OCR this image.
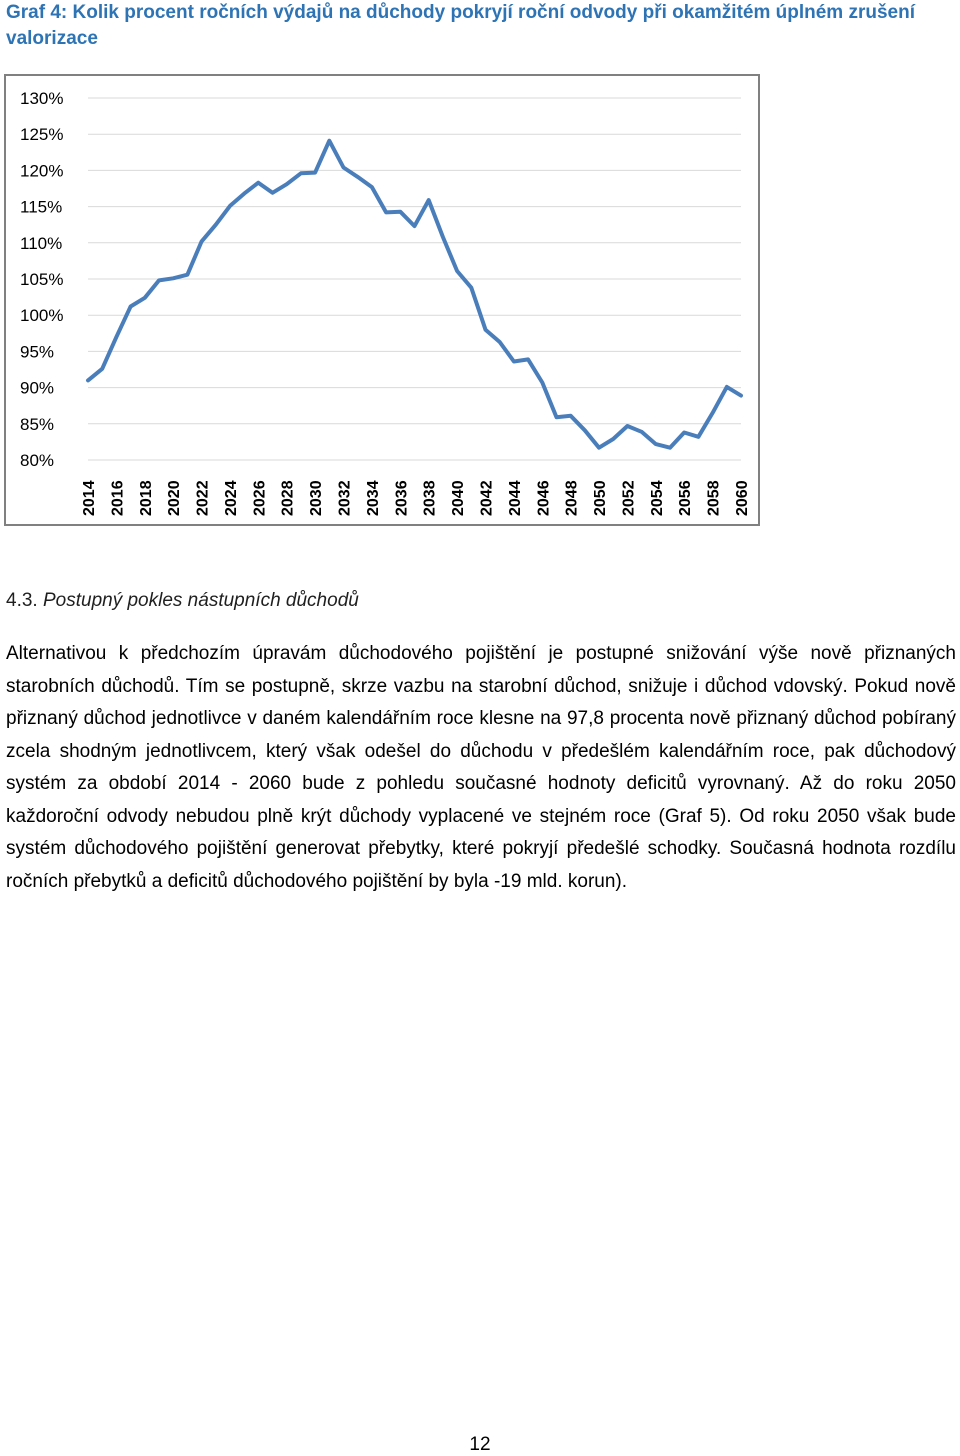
Graf 4: Kolik procent ročních výdajů na důchody pokryjí roční odvody při okamžitém úplném zrušení valorizace
130%
125%
120%
115%
110%
105%
100%
95%
90%
85%
80%
2014 2016 2018 2020 2022 2024 2026 2028 2030 2032 2034 2036 2038 2040 2042 2044 2046 2048 2050 2052 2054 2056 2058 2060
4.3. Postupný pokles nástupních důchodů

Alternativou k předchozím úpravám důchodového pojištění je postupné snižování výše nově přiznaných starobních důchodů. Tím se postupně, skrze vazbu na starobní důchod, snižuje i důchod vdovský. Pokud nově přiznaný důchod jednotlivce v daném kalendářním roce klesne na 97,8 procenta nově přiznaný důchod pobíraný zcela shodným jednotlivcem, který však odešel do důchodu v předešlém kalendářním roce, pak důchodový systém za období 2014 - 2060 bude z pohledu současné hodnoty deficitů vyrovnaný. Až do roku 2050 každoroční odvody nebudou plně krýt důchody vyplacené ve stejném roce (Graf 5). Od roku 2050 však bude systém důchodového pojištění generovat přebytky, které pokryjí předešlé schodky. Současná hodnota rozdílu ročních přebytků a deficitů důchodového pojištění by byla -19 mld. korun).

12
